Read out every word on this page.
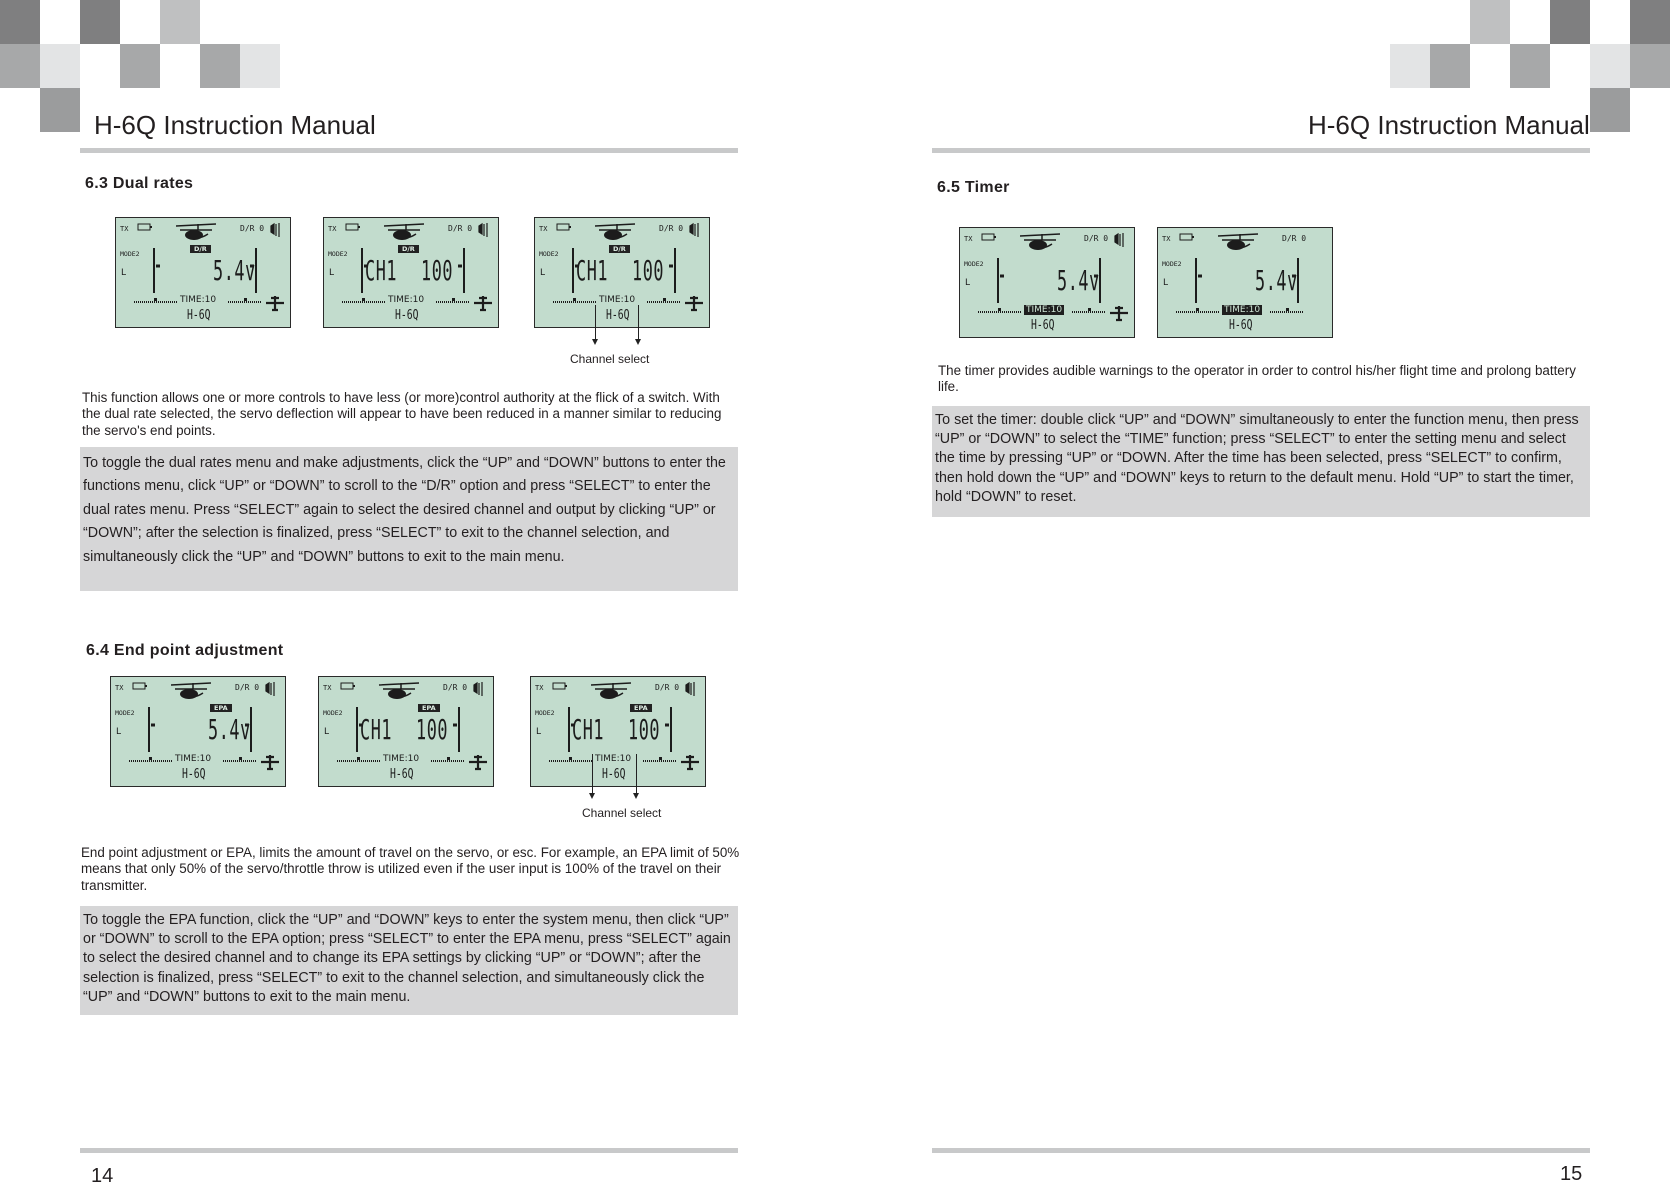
H-6Q Instruction Manual	H-6Q Instruction Manual
6.3 Dual rates
TX	D/R 0
MODE2
L
D/R
5.4v
TIME:10
H-6Q
TX	D/R 0
MODE2
L
D/R
CH1 100
TIME:10
H-6Q
TX	D/R 0
MODE2
L
D/R
CH1 100
TIME:10
H-6Q
Channel select
This function allows one or more controls to have less (or more)control authority at the flick of a switch. With the dual rate selected, the servo deflection will appear to have been reduced in a manner similar to reducing the servo's end points.
To toggle the dual rates menu and make adjustments, click the “UP” and “DOWN” buttons to enter the functions menu, click “UP” or “DOWN” to scroll to the “D/R” option and press “SELECT” to enter the dual rates menu. Press “SELECT” again to select the desired channel and output by clicking “UP” or “DOWN”; after the selection is finalized, press “SELECT” to exit to the channel selection, and simultaneously click the “UP” and “DOWN” buttons to exit to the main menu.
6.4 End point adjustment
TX	D/R 0
MODE2
L
EPA
5.4v
TIME:10
H-6Q
TX	D/R 0
MODE2
L
EPA
CH1 100
TIME:10
H-6Q
TX	D/R 0
MODE2
L
EPA
CH1 100
TIME:10
H-6Q
Channel select
End point adjustment or EPA, limits the amount of travel on the servo, or esc. For example, an EPA limit of 50% means that only 50% of the servo/throttle throw is utilized even if the user input is 100% of the travel on their transmitter.
To toggle the EPA function, click the “UP” and “DOWN” keys to enter the system menu, then click “UP” or “DOWN” to scroll to the EPA option; press “SELECT” to enter the EPA menu, press “SELECT” again to select the desired channel and to change its EPA settings by clicking “UP” or “DOWN”; after the selection is finalized, press “SELECT” to exit to the channel selection, and simultaneously click the “UP” and “DOWN” buttons to exit to the main menu.
6.5 Timer
TX	D/R 0
MODE2
L	5.4v
TIME:10
H-6Q
TX	D/R 0
MODE2
L	5.4v
TIME:10
H-6Q
The timer provides audible warnings to the operator in order to control his/her flight time and prolong battery life.
To set the timer: double click “UP” and “DOWN” simultaneously to enter the function menu, then press “UP” or “DOWN” to select the “TIME” function; press “SELECT” to enter the setting menu and select the time by pressing “UP” or “DOWN. After the time has been selected, press “SELECT” to confirm, then hold down the “UP” and “DOWN” keys to return to the default menu. Hold “UP” to start the timer, hold “DOWN” to reset.
14	15
